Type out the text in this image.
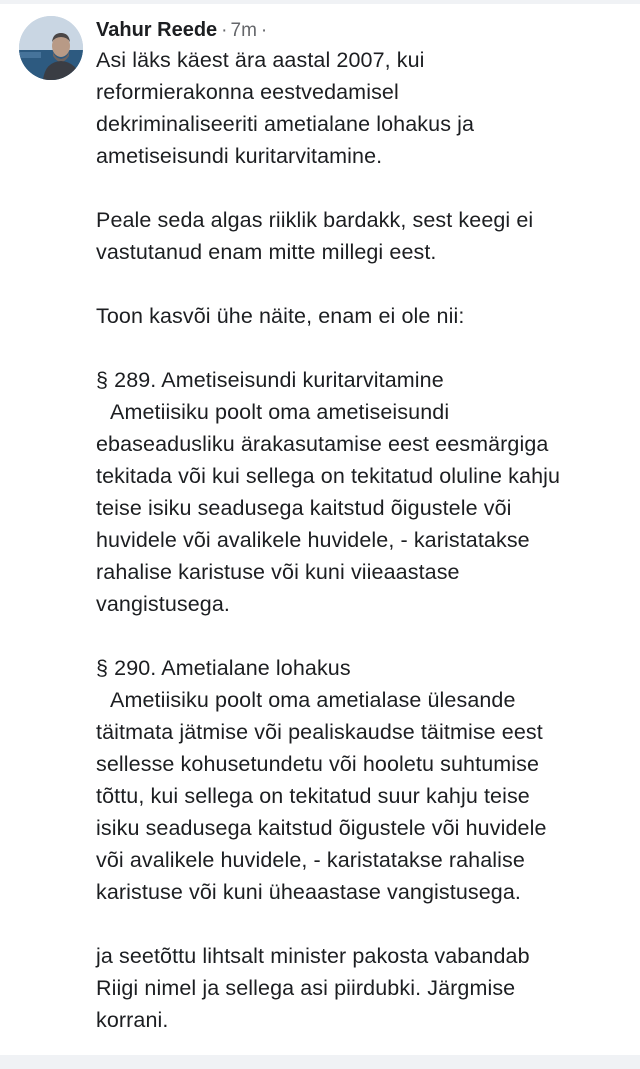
Vahur Reede · 7m ·

Asi läks käest ära aastal 2007, kui
reformierakonna eestvedamisel
dekriminaliseeriti ametialane lohakus ja
ametiseisundi kuritarvitamine.

Peale seda algas riiklik bardakk, sest keegi ei
vastutanud enam mitte millegi eest.

Toon kasvõi ühe näite, enam ei ole nii:

§ 289. Ametiseisundi kuritarvitamine
Ametiisiku poolt oma ametiseisundi
ebaseadusliku ärakasutamise eest eesmärgiga
tekitada või kui sellega on tekitatud oluline kahju
teise isiku seadusega kaitstud õigustele või
huvidele või avalikele huvidele, - karistatakse
rahalise karistuse või kuni viieaastase
vangistusega.

§ 290. Ametialane lohakus
Ametiisiku poolt oma ametialase ülesande
täitmata jätmise või pealiskaudse täitmise eest
sellesse kohusetundetu või hooletu suhtumise
tõttu, kui sellega on tekitatud suur kahju teise
isiku seadusega kaitstud õigustele või huvidele
või avalikele huvidele, - karistatakse rahalise
karistuse või kuni üheaastase vangistusega.

ja seetõttu lihtsalt minister pakosta vabandab
Riigi nimel ja sellega asi piirdubki. Järgmise
korrani.
